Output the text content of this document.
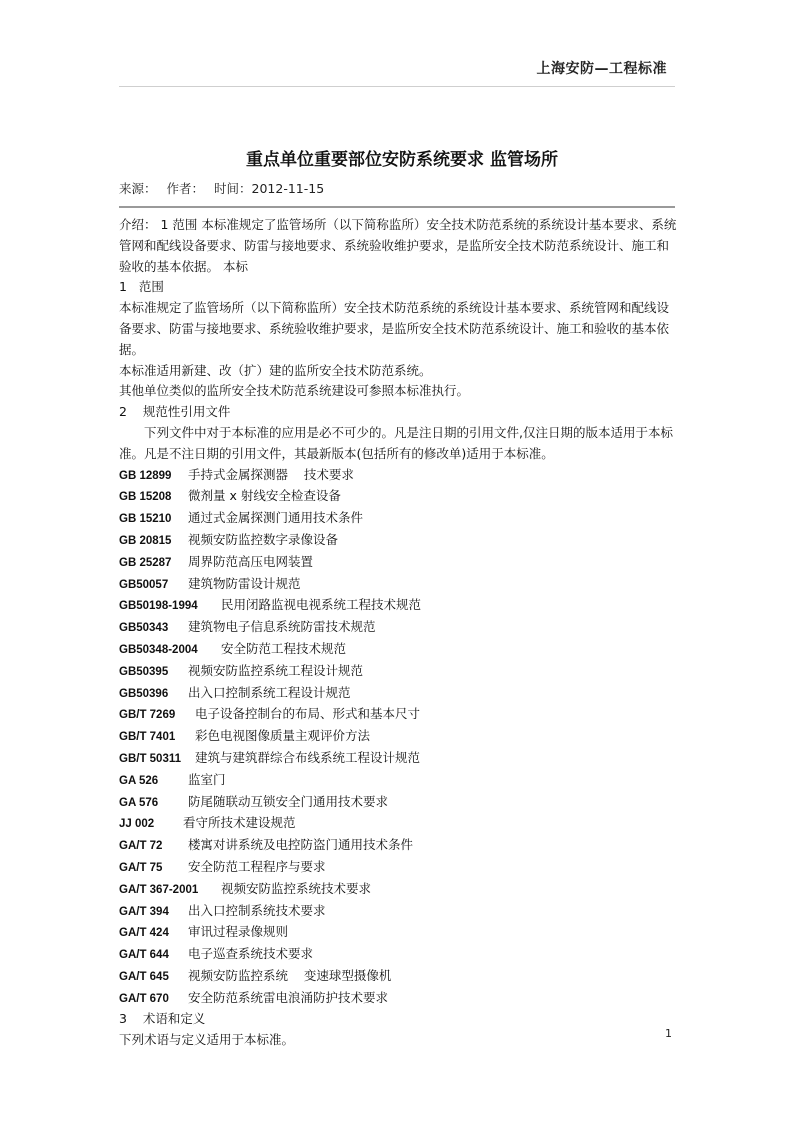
上海安防—工程标准
重点单位重要部位安防系统要求 监管场所
来源： 作者： 时间：2012-11-15

介绍： 1 范围 本标准规定了监管场所（以下简称监所）安全技术防范系统的系统设计基本要求、系统管网和配线设备要求、防雷与接地要求、系统验收维护要求，是监所安全技术防范系统设计、施工和验收的基本依据。 本标

1   范围

本标准规定了监管场所（以下简称监所）安全技术防范系统的系统设计基本要求、系统管网和配线设备要求、防雷与接地要求、系统验收维护要求，是监所安全技术防范系统设计、施工和验收的基本依据。

本标准适用新建、改（扩）建的监所安全技术防范系统。

其他单位类似的监所安全技术防范系统建设可参照本标准执行。

2    规范性引用文件

下列文件中对于本标准的应用是必不可少的。凡是注日期的引用文件,仅注日期的版本适用于本标准。凡是不注日期的引用文件，其最新版本(包括所有的修改单)适用于本标准。

GB 12899	手持式金属探测器    技术要求
GB 15208	微剂量 x 射线安全检查设备
GB 15210	通过式金属探测门通用技术条件
GB 20815	视频安防监控数字录像设备
GB 25287	周界防范高压电网装置
GB50057	建筑物防雷设计规范
GB50198-1994	民用闭路监视电视系统工程技术规范
GB50343	建筑物电子信息系统防雷技术规范
GB50348-2004	安全防范工程技术规范
GB50395	视频安防监控系统工程设计规范
GB50396	出入口控制系统工程设计规范
GB/T 7269	电子设备控制台的布局、形式和基本尺寸
GB/T 7401	彩色电视图像质量主观评价方法
GB/T 50311	建筑与建筑群综合布线系统工程设计规范
GA 526	监室门
GA 576	防尾随联动互锁安全门通用技术要求
JJ 002	看守所技术建设规范
GA/T 72	楼寓对讲系统及电控防盗门通用技术条件
GA/T 75	安全防范工程程序与要求
GA/T 367-2001	视频安防监控系统技术要求
GA/T 394	出入口控制系统技术要求
GA/T 424	审讯过程录像规则
GA/T 644	电子巡查系统技术要求
GA/T 645	视频安防监控系统    变速球型摄像机
GA/T 670	安全防范系统雷电浪涌防护技术要求

3    术语和定义

下列术语与定义适用于本标准。	1
